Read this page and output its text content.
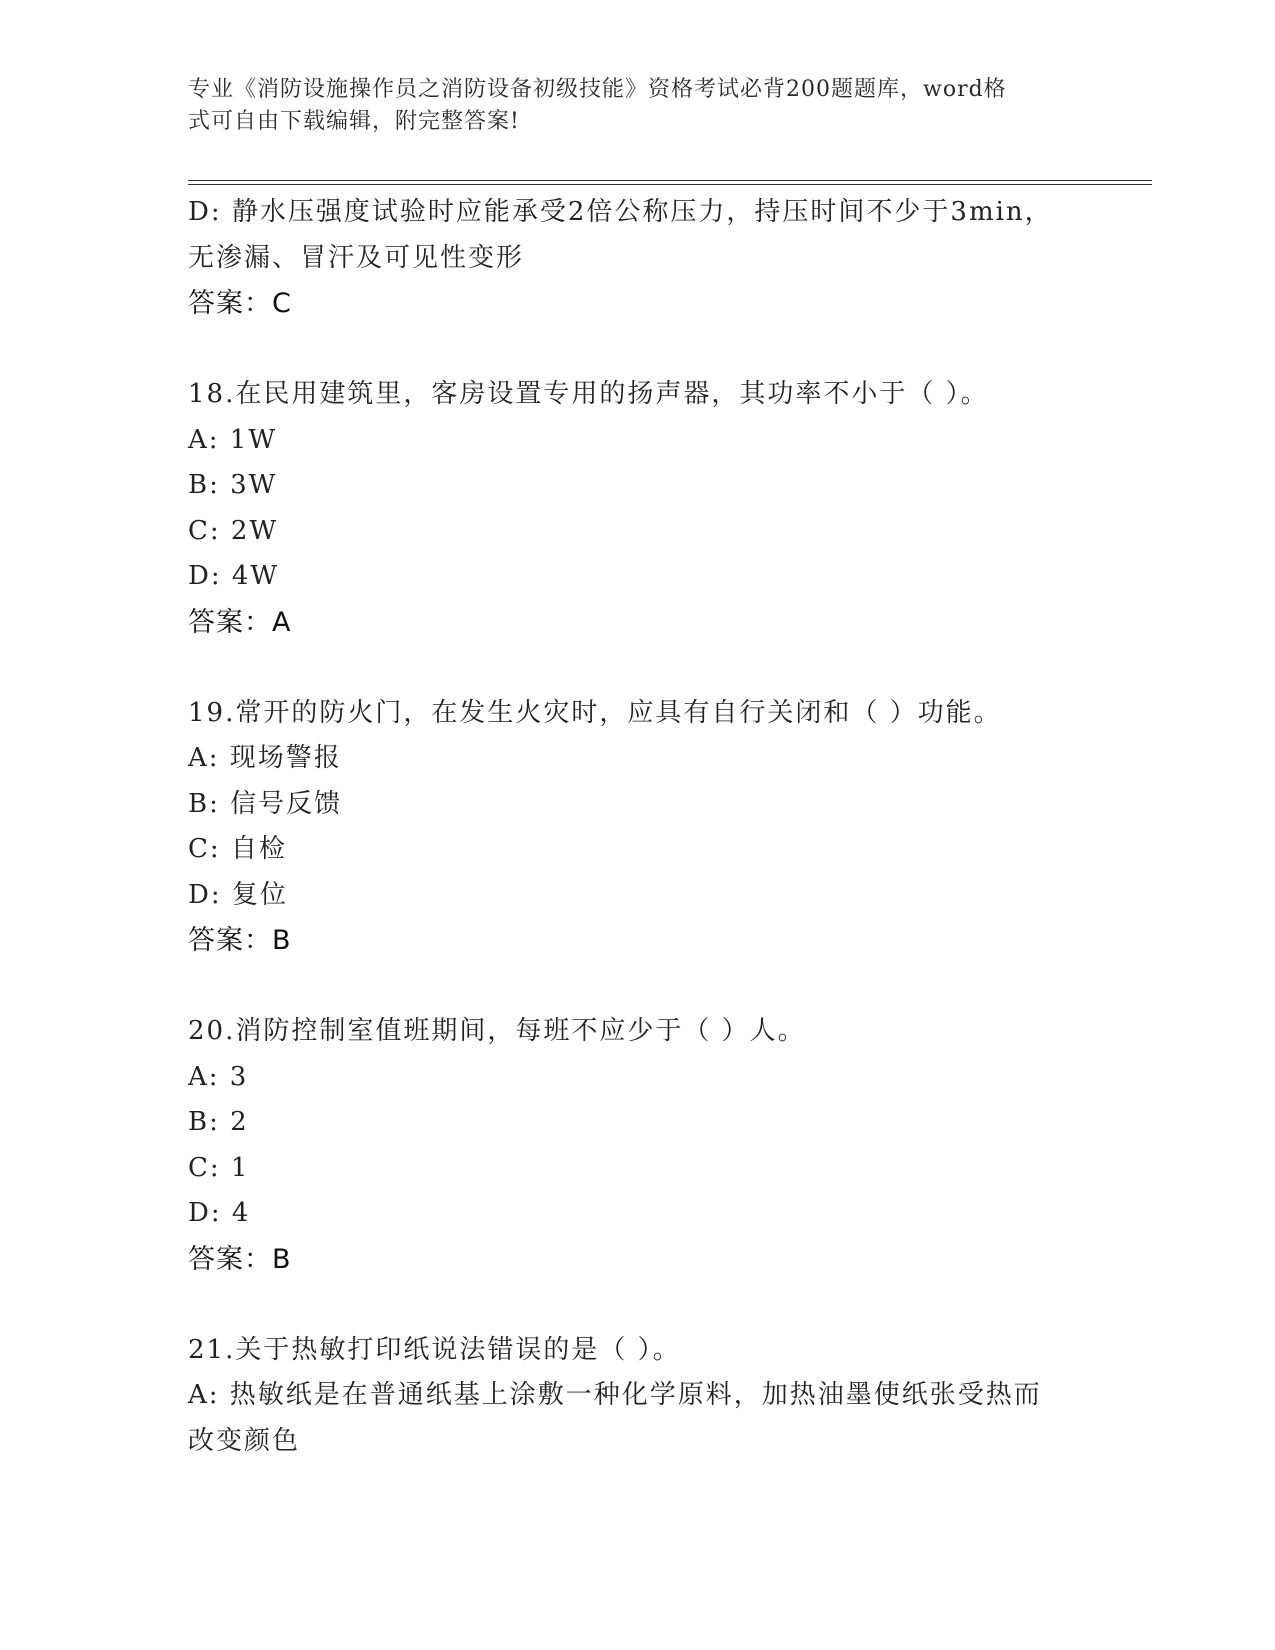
专业《消防设施操作员之消防设备初级技能》资格考试必背200题题库，word格
式可自由下载编辑，附完整答案!
D: 静水压强度试验时应能承受2倍公称压力，持压时间不少于3min，
无渗漏、冒汗及可见性变形
答案：C
18.在民用建筑里，客房设置专用的扬声器，其功率不小于（ ）。
A: 1W
B: 3W
C: 2W
D: 4W
答案：A
19.常开的防火门，在发生火灾时，应具有自行关闭和（ ）功能。
A: 现场警报
B: 信号反馈
C: 自检
D: 复位
答案：B
20.消防控制室值班期间，每班不应少于（ ）人。
A: 3
B: 2
C: 1
D: 4
答案：B
21.关于热敏打印纸说法错误的是（ ）。
A: 热敏纸是在普通纸基上涂敷一种化学原料，加热油墨使纸张受热而
改变颜色
